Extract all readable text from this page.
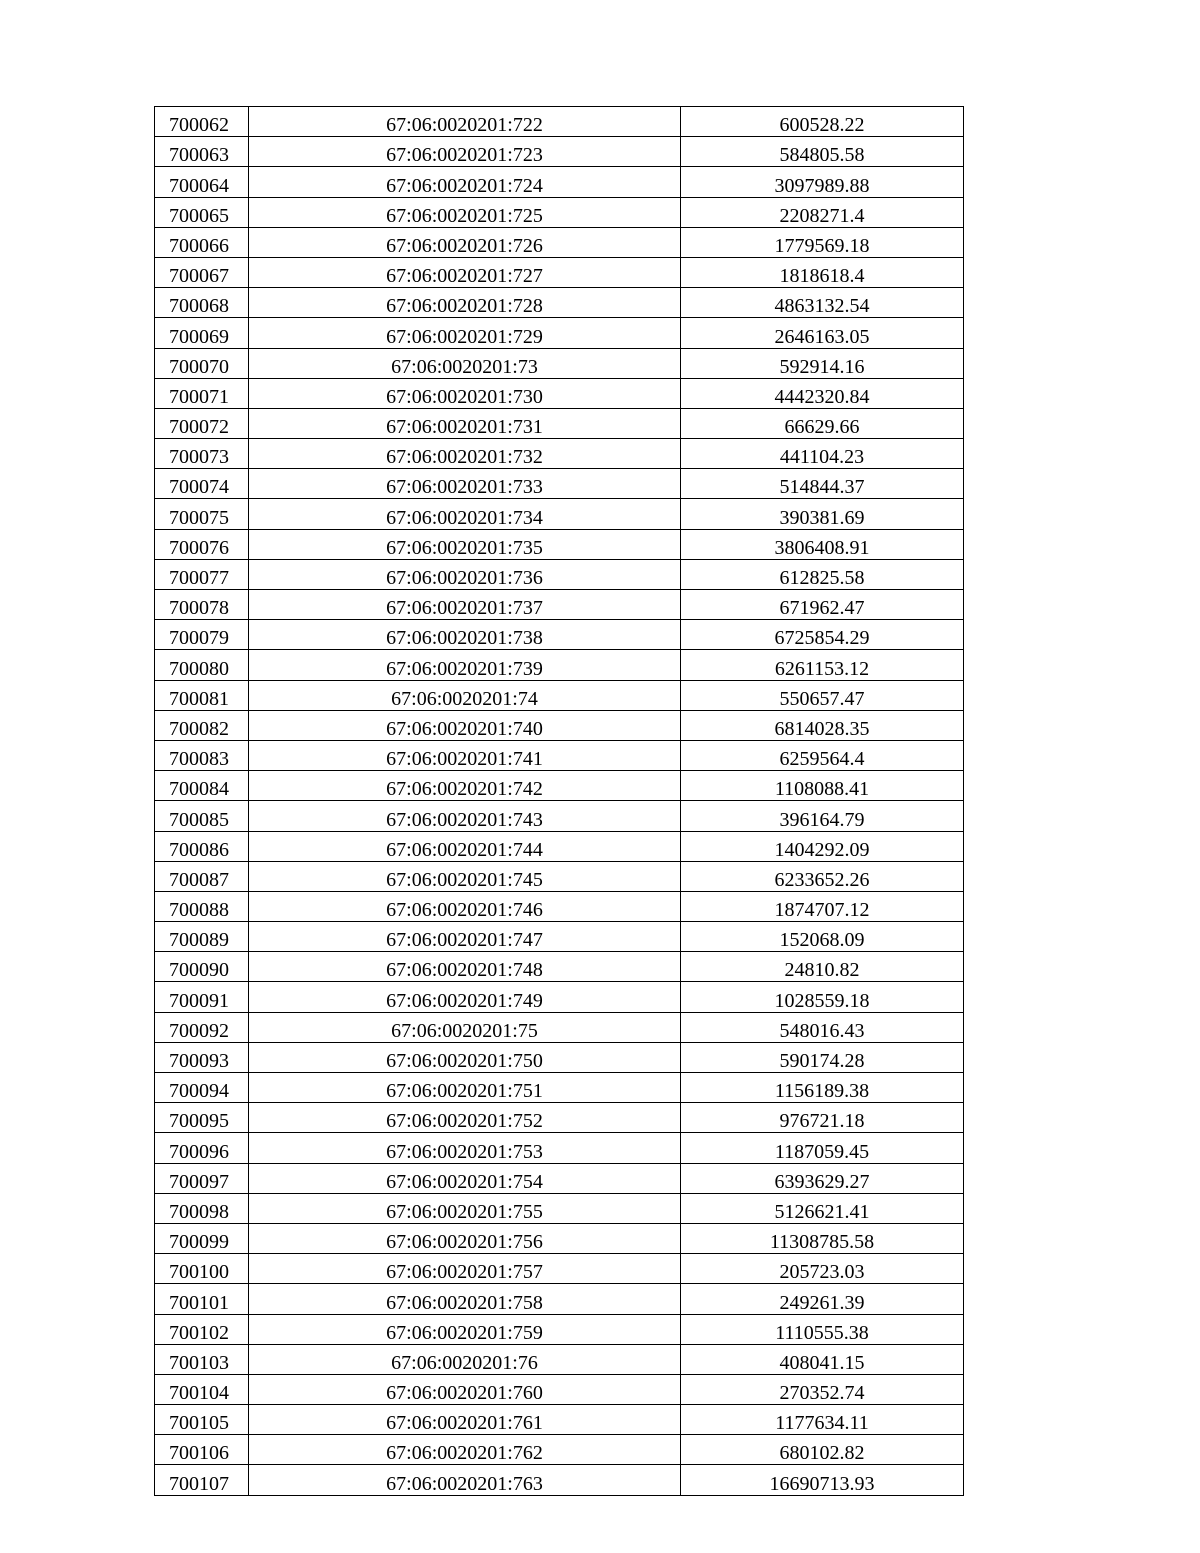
700062	67:06:0020201:722	600528.22
700063	67:06:0020201:723	584805.58
700064	67:06:0020201:724	3097989.88
700065	67:06:0020201:725	2208271.4
700066	67:06:0020201:726	1779569.18
700067	67:06:0020201:727	1818618.4
700068	67:06:0020201:728	4863132.54
700069	67:06:0020201:729	2646163.05
700070	67:06:0020201:73	592914.16
700071	67:06:0020201:730	4442320.84
700072	67:06:0020201:731	66629.66
700073	67:06:0020201:732	441104.23
700074	67:06:0020201:733	514844.37
700075	67:06:0020201:734	390381.69
700076	67:06:0020201:735	3806408.91
700077	67:06:0020201:736	612825.58
700078	67:06:0020201:737	671962.47
700079	67:06:0020201:738	6725854.29
700080	67:06:0020201:739	6261153.12
700081	67:06:0020201:74	550657.47
700082	67:06:0020201:740	6814028.35
700083	67:06:0020201:741	6259564.4
700084	67:06:0020201:742	1108088.41
700085	67:06:0020201:743	396164.79
700086	67:06:0020201:744	1404292.09
700087	67:06:0020201:745	6233652.26
700088	67:06:0020201:746	1874707.12
700089	67:06:0020201:747	152068.09
700090	67:06:0020201:748	24810.82
700091	67:06:0020201:749	1028559.18
700092	67:06:0020201:75	548016.43
700093	67:06:0020201:750	590174.28
700094	67:06:0020201:751	1156189.38
700095	67:06:0020201:752	976721.18
700096	67:06:0020201:753	1187059.45
700097	67:06:0020201:754	6393629.27
700098	67:06:0020201:755	5126621.41
700099	67:06:0020201:756	11308785.58
700100	67:06:0020201:757	205723.03
700101	67:06:0020201:758	249261.39
700102	67:06:0020201:759	1110555.38
700103	67:06:0020201:76	408041.15
700104	67:06:0020201:760	270352.74
700105	67:06:0020201:761	1177634.11
700106	67:06:0020201:762	680102.82
700107	67:06:0020201:763	16690713.93
